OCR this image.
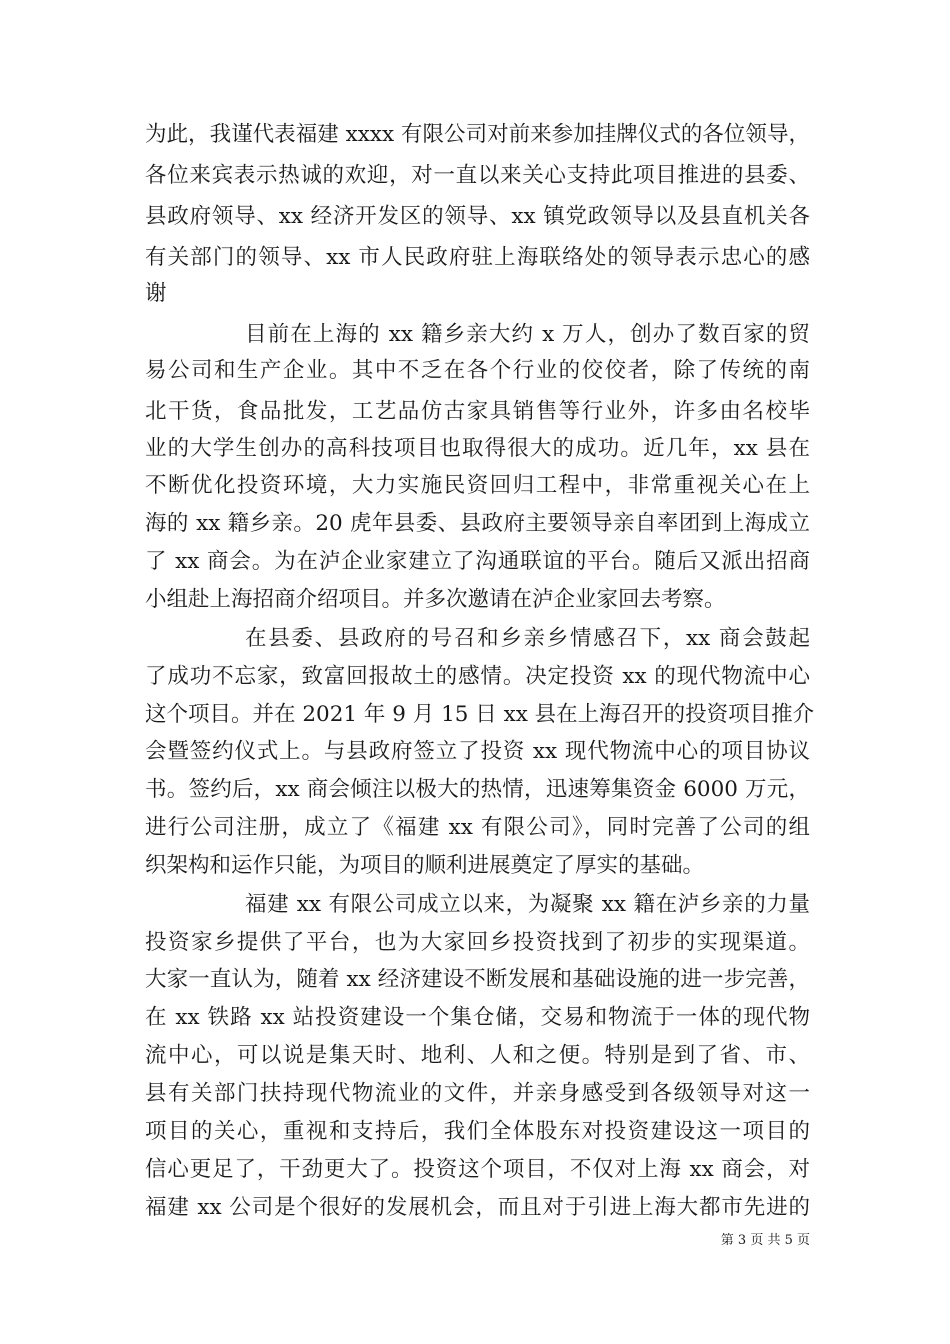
为此，我谨代表福建 xxxx 有限公司对前来参加挂牌仪式的各位领导，
各位来宾表示热诚的欢迎，对一直以来关心支持此项目推进的县委、
县政府领导、xx 经济开发区的领导、xx 镇党政领导以及县直机关各
有关部门的领导、xx 市人民政府驻上海联络处的领导表示忠心的感
谢
目前在上海的 xx 籍乡亲大约 x 万人，创办了数百家的贸
易公司和生产企业。其中不乏在各个行业的佼佼者，除了传统的南
北干货，食品批发，工艺品仿古家具销售等行业外，许多由名校毕
业的大学生创办的高科技项目也取得很大的成功。近几年，xx 县在
不断优化投资环境，大力实施民资回归工程中，非常重视关心在上
海的 xx 籍乡亲。20 虎年县委、县政府主要领导亲自率团到上海成立
了 xx 商会。为在泸企业家建立了沟通联谊的平台。随后又派出招商
小组赴上海招商介绍项目。并多次邀请在泸企业家回去考察。
在县委、县政府的号召和乡亲乡情感召下，xx 商会鼓起
了成功不忘家，致富回报故土的感情。决定投资 xx 的现代物流中心
这个项目。并在 2021 年 9 月 15 日 xx 县在上海召开的投资项目推介
会暨签约仪式上。与县政府签立了投资 xx 现代物流中心的项目协议
书。签约后，xx 商会倾注以极大的热情，迅速筹集资金 6000 万元，
进行公司注册，成立了《福建 xx 有限公司》，同时完善了公司的组
织架构和运作只能，为项目的顺利进展奠定了厚实的基础。
福建 xx 有限公司成立以来，为凝聚 xx 籍在泸乡亲的力量
投资家乡提供了平台，也为大家回乡投资找到了初步的实现渠道。
大家一直认为，随着 xx 经济建设不断发展和基础设施的进一步完善，
在 xx 铁路 xx 站投资建设一个集仓储，交易和物流于一体的现代物
流中心，可以说是集天时、地利、人和之便。特别是到了省、市、
县有关部门扶持现代物流业的文件，并亲身感受到各级领导对这一
项目的关心，重视和支持后，我们全体股东对投资建设这一项目的
信心更足了，干劲更大了。投资这个项目，不仅对上海 xx 商会，对
福建 xx 公司是个很好的发展机会，而且对于引进上海大都市先进的
第 3 页 共 5 页
